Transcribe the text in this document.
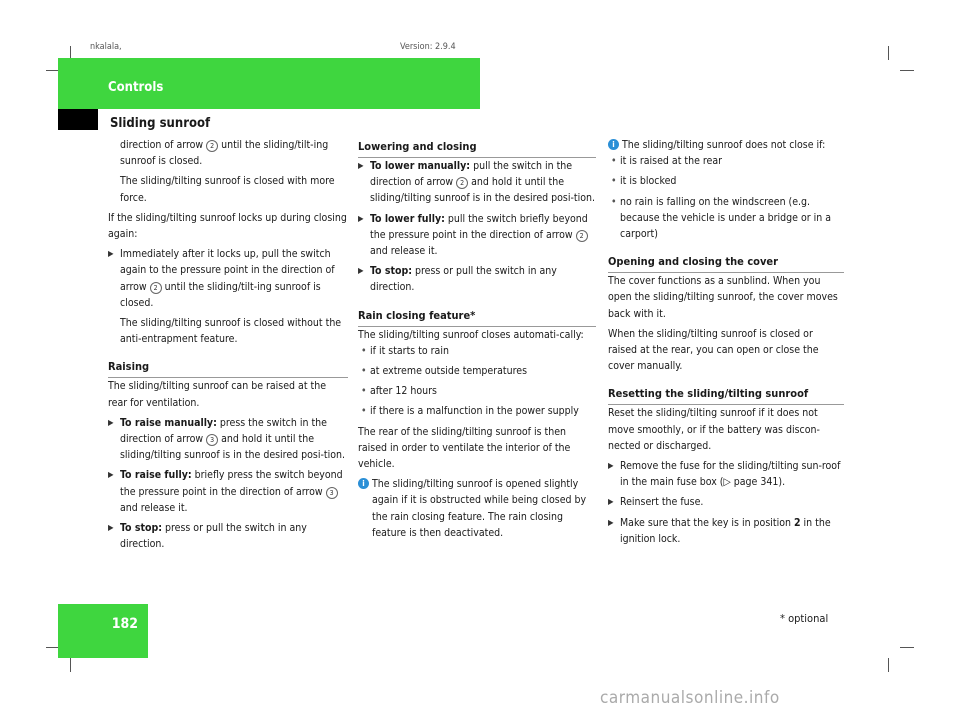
nkalala,	Version: 2.9.4
Controls
Sliding sunroof

direction of arrow 2 until the sliding/tilt-ing sunroof is closed.

The sliding/tilting sunroof is closed with more force.

If the sliding/tilting sunroof locks up during closing again:

▶ Immediately after it locks up, pull the switch again to the pressure point in the direction of arrow 2 until the sliding/tilt-ing sunroof is closed.

The sliding/tilting sunroof is closed without the anti-entrapment feature.

Raising

The sliding/tilting sunroof can be raised at the rear for ventilation.

▶ To raise manually: press the switch in the direction of arrow 3 and hold it until the sliding/tilting sunroof is in the desired posi-tion.

▶ To raise fully: briefly press the switch beyond the pressure point in the direction of arrow 3 and release it.

▶ To stop: press or pull the switch in any direction.

Lowering and closing

▶ To lower manually: pull the switch in the direction of arrow 2 and hold it until the sliding/tilting sunroof is in the desired posi-tion.

▶ To lower fully: pull the switch briefly beyond the pressure point in the direction of arrow 2 and release it.

▶ To stop: press or pull the switch in any direction.

Rain closing feature*

The sliding/tilting sunroof closes automati-cally:

• if it starts to rain

• at extreme outside temperatures

• after 12 hours

• if there is a malfunction in the power supply

The rear of the sliding/tilting sunroof is then raised in order to ventilate the interior of the vehicle.

i The sliding/tilting sunroof is opened slightly again if it is obstructed while being closed by the rain closing feature. The rain closing feature is then deactivated.

i The sliding/tilting sunroof does not close if:

• it is raised at the rear

• it is blocked

• no rain is falling on the windscreen (e.g. because the vehicle is under a bridge or in a carport)

Opening and closing the cover

The cover functions as a sunblind. When you open the sliding/tilting sunroof, the cover moves back with it.

When the sliding/tilting sunroof is closed or raised at the rear, you can open or close the cover manually.

Resetting the sliding/tilting sunroof

Reset the sliding/tilting sunroof if it does not move smoothly, or if the battery was discon-nected or discharged.

▶ Remove the fuse for the sliding/tilting sun-roof in the main fuse box (▷ page 341).

▶ Reinsert the fuse.

▶ Make sure that the key is in position 2 in the ignition lock.

182	* optional
carmanualsonline.info
